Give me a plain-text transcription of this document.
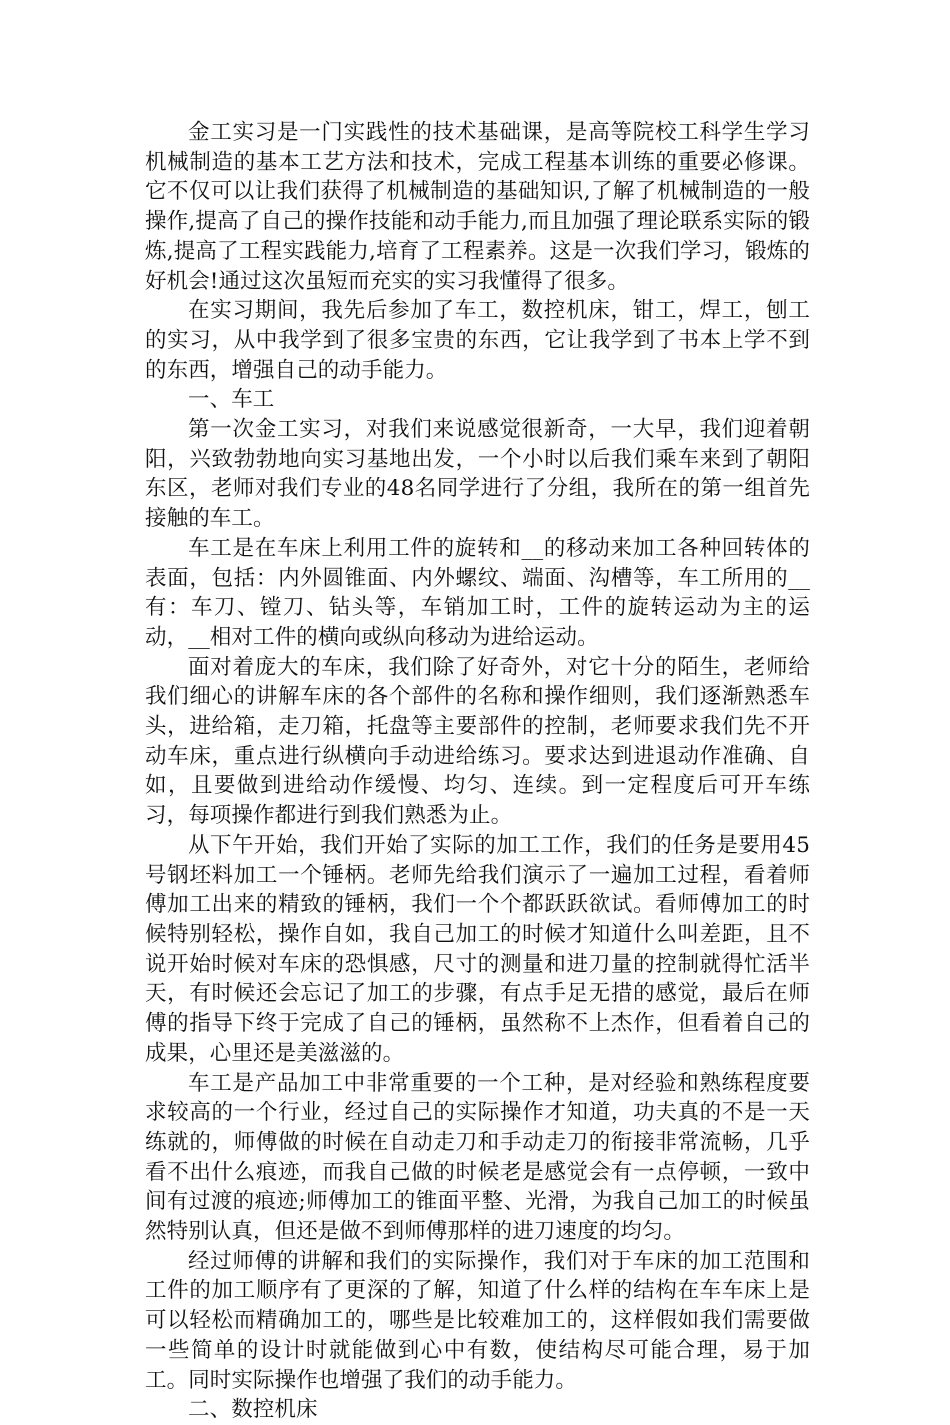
金工实习是一门实践性的技术基础课，是高等院校工科学生学习机械制造的基本工艺方法和技术，完成工程基本训练的重要必修课。它不仅可以让我们获得了机械制造的基础知识,了解了机械制造的一般操作,提高了自己的操作技能和动手能力,而且加强了理论联系实际的锻炼,提高了工程实践能力,培育了工程素养。这是一次我们学习，锻炼的好机会!通过这次虽短而充实的实习我懂得了很多。

在实习期间，我先后参加了车工，数控机床，钳工，焊工，刨工的实习，从中我学到了很多宝贵的东西，它让我学到了书本上学不到的东西，增强自己的动手能力。

一、车工

第一次金工实习，对我们来说感觉很新奇，一大早，我们迎着朝阳，兴致勃勃地向实习基地出发，一个小时以后我们乘车来到了朝阳东区，老师对我们专业的48名同学进行了分组，我所在的第一组首先接触的车工。

车工是在车床上利用工件的旋转和__的移动来加工各种回转体的表面，包括：内外圆锥面、内外螺纹、端面、沟槽等，车工所用的__有：车刀、镗刀、钻头等，车销加工时，工件的旋转运动为主的运动，__相对工件的横向或纵向移动为进给运动。

面对着庞大的车床，我们除了好奇外，对它十分的陌生，老师给我们细心的讲解车床的各个部件的名称和操作细则，我们逐渐熟悉车头，进给箱，走刀箱，托盘等主要部件的控制，老师要求我们先不开动车床，重点进行纵横向手动进给练习。要求达到进退动作准确、自如，且要做到进给动作缓慢、均匀、连续。到一定程度后可开车练习，每项操作都进行到我们熟悉为止。

从下午开始，我们开始了实际的加工工作，我们的任务是要用45号钢坯料加工一个锤柄。老师先给我们演示了一遍加工过程，看着师傅加工出来的精致的锤柄，我们一个个都跃跃欲试。看师傅加工的时候特别轻松，操作自如，我自己加工的时候才知道什么叫差距，且不说开始时候对车床的恐惧感，尺寸的测量和进刀量的控制就得忙活半天，有时候还会忘记了加工的步骤，有点手足无措的感觉，最后在师傅的指导下终于完成了自己的锤柄，虽然称不上杰作，但看着自己的成果，心里还是美滋滋的。

车工是产品加工中非常重要的一个工种，是对经验和熟练程度要求较高的一个行业，经过自己的实际操作才知道，功夫真的不是一天练就的，师傅做的时候在自动走刀和手动走刀的衔接非常流畅，几乎看不出什么痕迹，而我自己做的时候老是感觉会有一点停顿，一致中间有过渡的痕迹;师傅加工的锥面平整、光滑，为我自己加工的时候虽然特别认真，但还是做不到师傅那样的进刀速度的均匀。

经过师傅的讲解和我们的实际操作，我们对于车床的加工范围和工件的加工顺序有了更深的了解，知道了什么样的结构在车车床上是可以轻松而精确加工的，哪些是比较难加工的，这样假如我们需要做一些简单的设计时就能做到心中有数，使结构尽可能合理，易于加工。同时实际操作也增强了我们的动手能力。

二、数控机床
